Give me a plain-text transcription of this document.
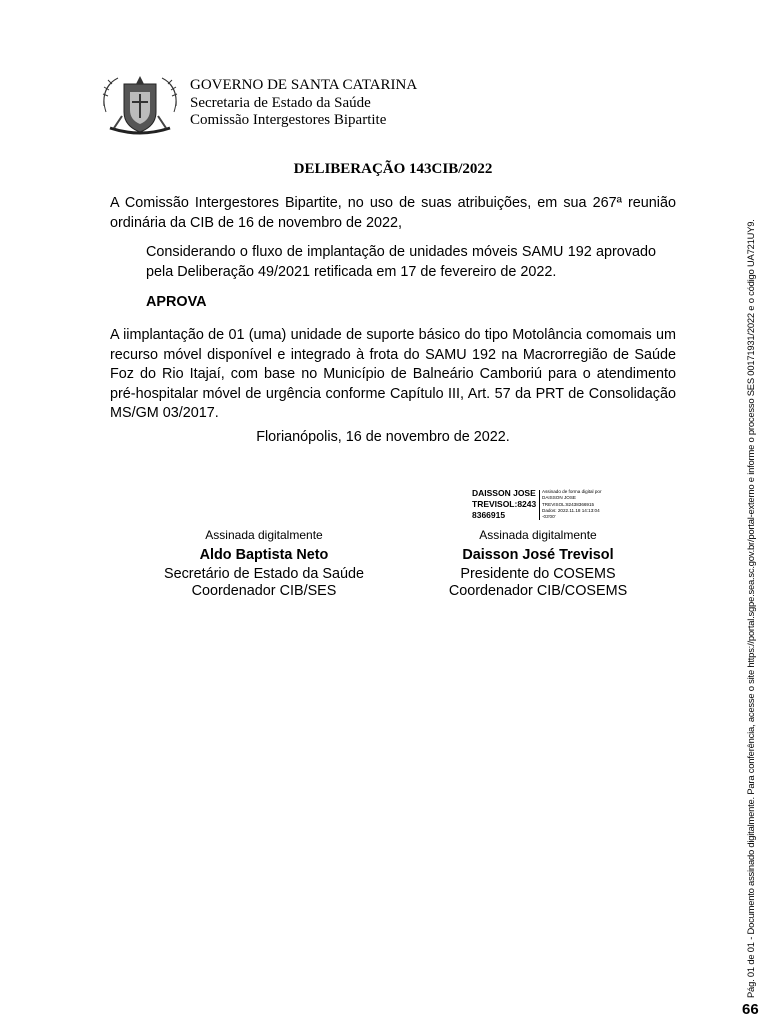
GOVERNO DE SANTA CATARINA
Secretaria de Estado da Saúde
Comissão Intergestores Bipartite
DELIBERAÇÃO 143CIB/2022
A Comissão Intergestores Bipartite, no uso de suas atribuições, em sua 267ª reunião ordinária da CIB de 16 de novembro de 2022,
Considerando o fluxo de implantação de unidades móveis SAMU 192 aprovado pela Deliberação 49/2021 retificada em 17 de fevereiro de 2022.
APROVA
A iimplantação de 01 (uma) unidade de suporte básico do tipo Motolância comomais um recurso móvel disponível e integrado à frota do SAMU 192 na Macrorregião de Saúde Foz do Rio Itajaí, com base no Município de Balneário Camboriú para o atendimento pré-hospitalar móvel de urgência conforme Capítulo III, Art. 57 da PRT de Consolidação MS/GM 03/2017.
Florianópolis, 16 de novembro de 2022.
DAISSON JOSE TREVISOL:8243 8366915
Assinado de forma digital por DAISSON JOSE TREVISOL:82438366915 Dados: 2022.11.18 14:13:04 -03'00'
Assinada digitalmente
Aldo Baptista Neto
Secretário de Estado da Saúde
Coordenador CIB/SES
Assinada digitalmente
Daisson José Trevisol
Presidente do COSEMS
Coordenador CIB/COSEMS	Pág. 01 de 01 - Documento assinado digitalmente. Para conferência, acesse o site https://portal.sgpe.sea.sc.gov.br/portal-externo e informe o processo SES 00171931/2022 e o código UA721UY9.
66
